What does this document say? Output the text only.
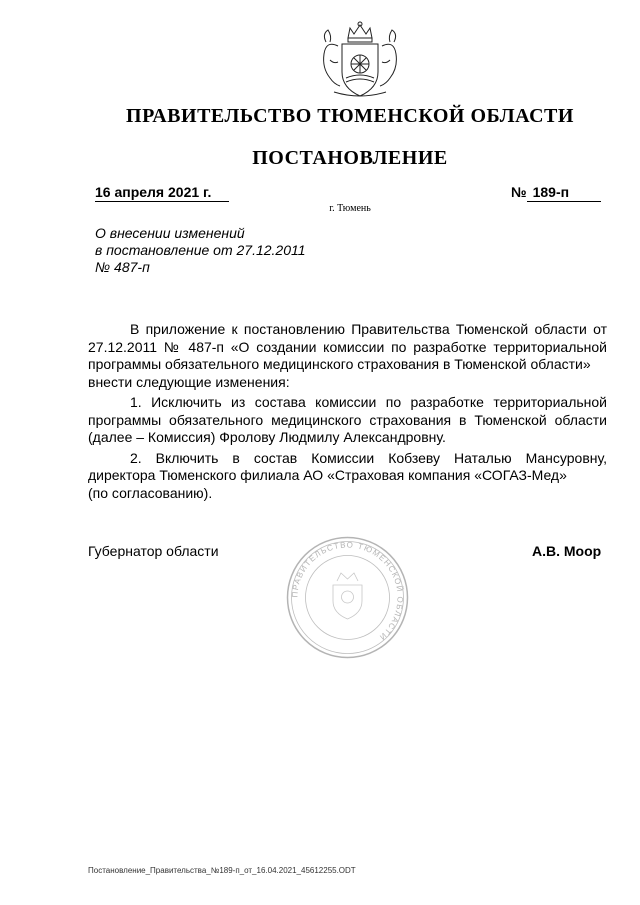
ПРАВИТЕЛЬСТВО ТЮМЕНСКОЙ ОБЛАСТИ
ПОСТАНОВЛЕНИЕ
16 апреля 2021 г.	№ 189-п
г. Тюмень
О внесении изменений
в постановление от 27.12.2011
№ 487-п
В приложение к постановлению Правительства Тюменской области от 27.12.2011 № 487-п «О создании комиссии по разработке территориальной программы обязательного медицинского страхования в Тюменской области»
внести следующие изменения:
1. Исключить из состава комиссии по разработке территориальной программы обязательного медицинского страхования в Тюменской области (далее – Комиссия) Фролову Людмилу Александровну.
2. Включить в состав Комиссии Кобзеву Наталью Мансуровну, директора Тюменского филиала АО «Страховая компания «СОГАЗ-Мед»
(по согласованию).
ПРАВИТЕЛЬСТВО ТЮМЕНСКОЙ ОБЛАСТИ
Губернатор области	А.В. Моор
Постановление_Правительства_№189-п_от_16.04.2021_45612255.ODT
